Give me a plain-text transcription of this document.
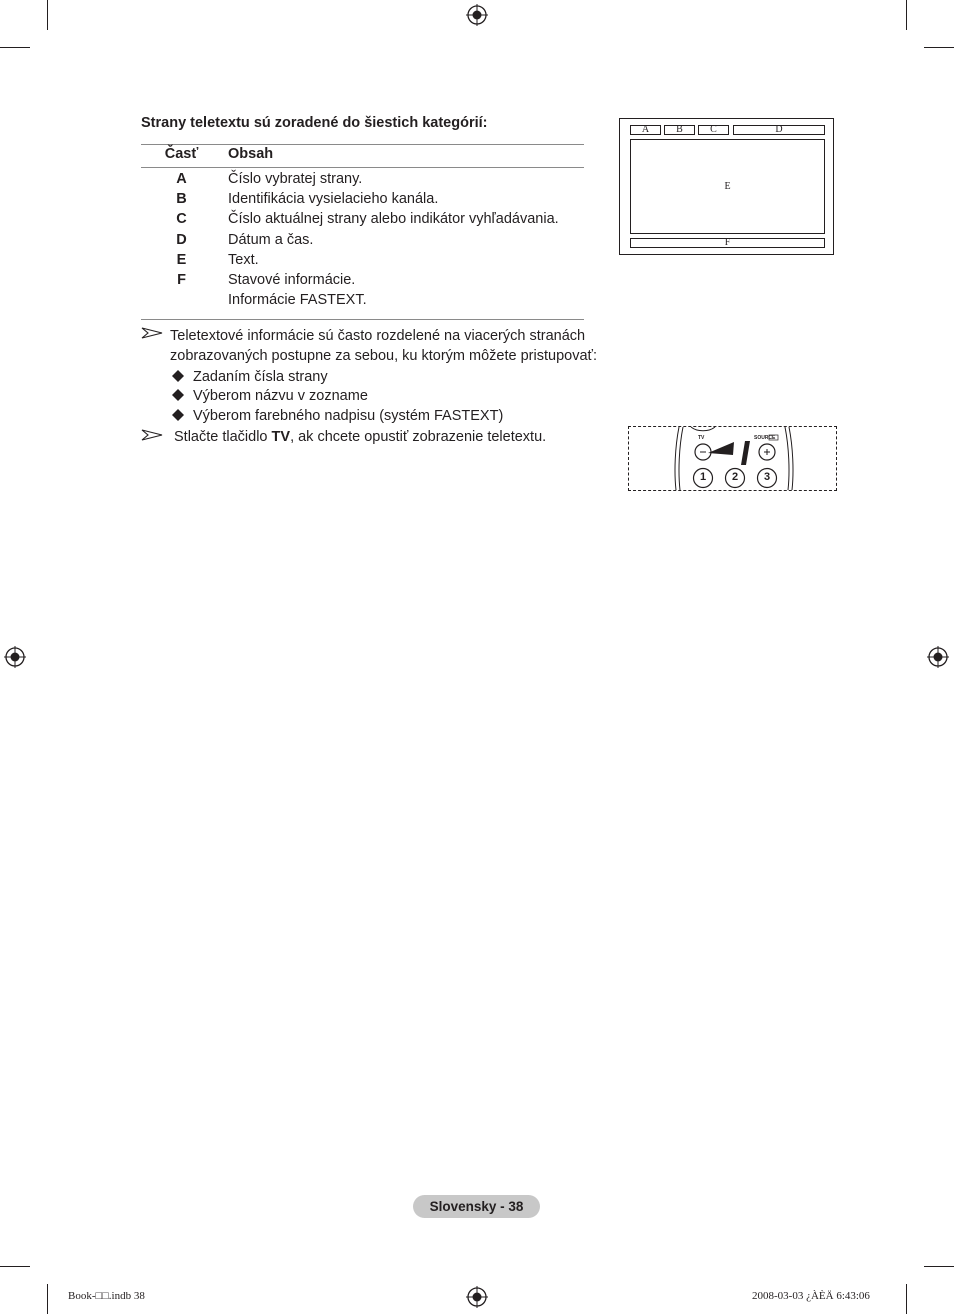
Strany teletextu sú zoradené do šiestich kategórií:
Časť	Obsah
A	Číslo vybratej strany.
B	Identifikácia vysielacieho kanála.
C	Číslo aktuálnej strany alebo indikátor vyhľadávania.
D	Dátum a čas.
E	Text.
F	Stavové informácie.
Informácie FASTEXT.
Teletextové informácie sú často rozdelené na viacerých stranách
zobrazovaných postupne za sebou, ku ktorým môžete pristupovať:
Zadaním čísla strany
Výberom názvu v zozname
Výberom farebného nadpisu (systém FASTEXT)
Stlačte tlačidlo TV, ak chcete opustiť zobrazenie teletextu.
A	B	C	D
E
F
TV	SOURCE
1	2	3
Slovensky - 38
Book-□□.indb 38	2008-03-03 ¿ÀÈÄ 6:43:06
